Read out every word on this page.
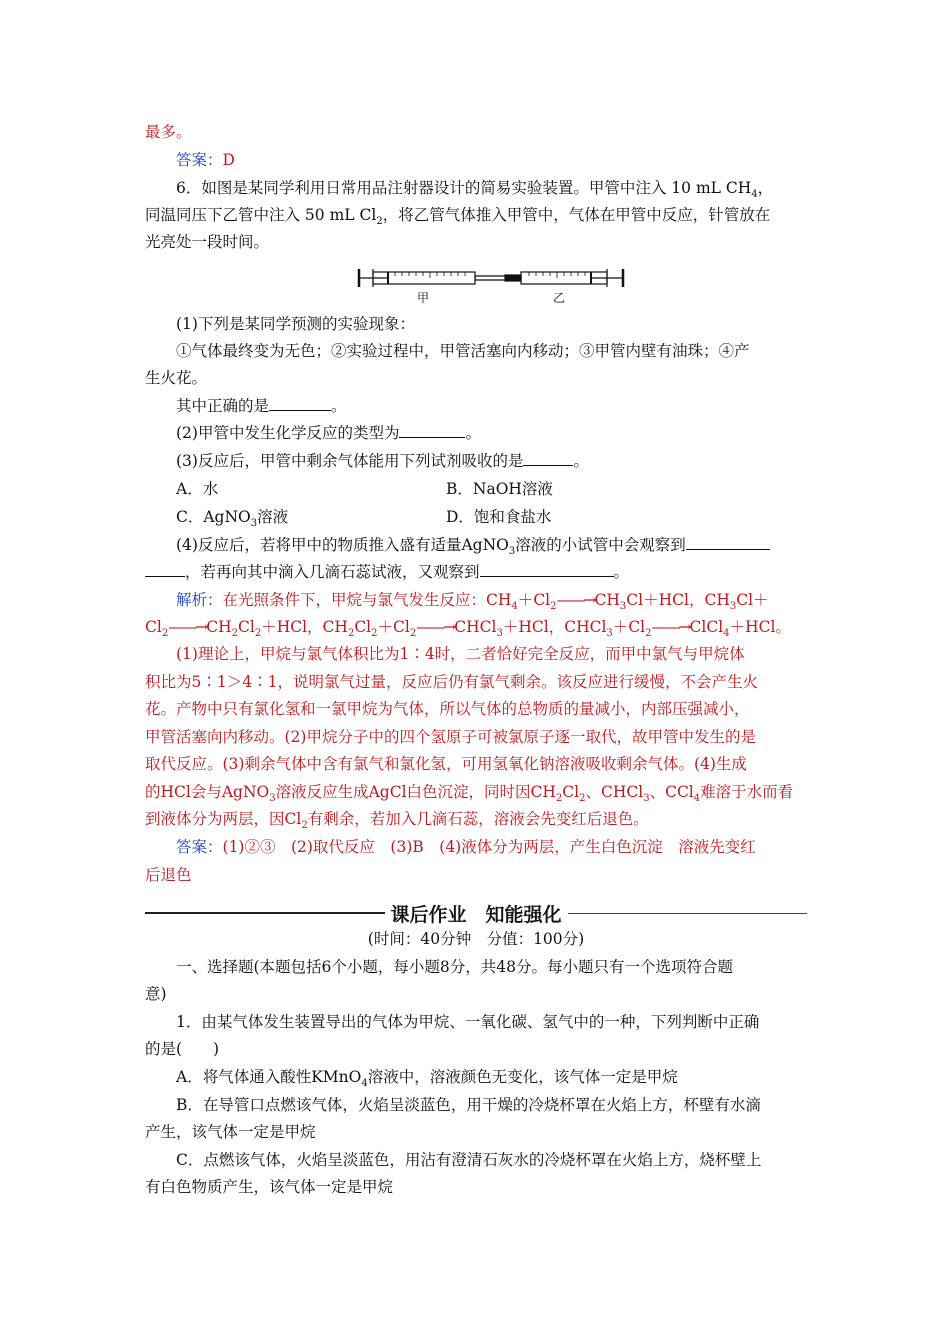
最多。
答案：D
6．如图是某同学利用日常用品注射器设计的简易实验装置。甲管中注入 10 mL $CH_4$，
同温同压下乙管中注入 50 mL $Cl_2$，将乙管气体推入甲管中，气体在甲管中反应，针管放在
光亮处一段时间。
甲	乙
(1)下列是某同学预测的实验现象：
①气体最终变为无色；②实验过程中，甲管活塞向内移动；③甲管内壁有油珠；④产
生火花。
其中正确的是	。
(2)甲管中发生化学反应的类型为	。
(3)反应后，甲管中剩余气体能用下列试剂吸收的是	。
A．水	B．NaOH溶液
C．AgNO$_3$溶液	D．饱和食盐水
(4)反应后，若将甲中的物质推入盛有适量AgNO$_3$溶液的小试管中会观察到
，若再向其中滴入几滴石蕊试液，又观察到	。
解析：在光照条件下，甲烷与氯气发生反应：$CH_4+Cl_2——\to CH_3Cl+HCl$，$CH_3Cl+$
$Cl_2——\to CH_2Cl_2+HCl$，$CH_2Cl_2+Cl_2——\to CHCl_3+HCl$，$CHCl_3+Cl_2——\to ClCl_4+HCl$。
(1)理论上，甲烷与氯气体积比为1∶4时，二者恰好完全反应，而甲中氯气与甲烷体
积比为5∶1＞4∶1，说明氯气过量，反应后仍有氯气剩余。该反应进行缓慢，不会产生火
花。产物中只有氯化氢和一氯甲烷为气体，所以气体的总物质的量减小，内部压强减小，
甲管活塞向内移动。(2)甲烷分子中的四个氢原子可被氯原子逐一取代，故甲管中发生的是
取代反应。(3)剩余气体中含有氯气和氯化氢，可用氢氧化钠溶液吸收剩余气体。(4)生成
的HCl会与AgNO$_3$溶液反应生成AgCl白色沉淀，同时因$CH_2Cl_2$、CHCl$_3$、CCl$_4$难溶于水而看
到液体分为两层，因$Cl_2$有剩余，若加入几滴石蕊，溶液会先变红后退色。
答案：(1)②③　(2)取代反应　(3)B　(4)液体分为两层，产生白色沉淀　溶液先变红
后退色
课后作业　知能强化
(时间：40分钟　分值：100分)
一、选择题(本题包括6个小题，每小题8分，共48分。每小题只有一个选项符合题
意)
1．由某气体发生装置导出的气体为甲烷、一氧化碳、氢气中的一种，下列判断中正确
的是(　　)
A．将气体通入酸性KMnO$_4$溶液中，溶液颜色无变化，该气体一定是甲烷
B．在导管口点燃该气体，火焰呈淡蓝色，用干燥的冷烧杯罩在火焰上方，杯壁有水滴
产生，该气体一定是甲烷
C．点燃该气体，火焰呈淡蓝色，用沾有澄清石灰水的冷烧杯罩在火焰上方，烧杯壁上
有白色物质产生，该气体一定是甲烷
